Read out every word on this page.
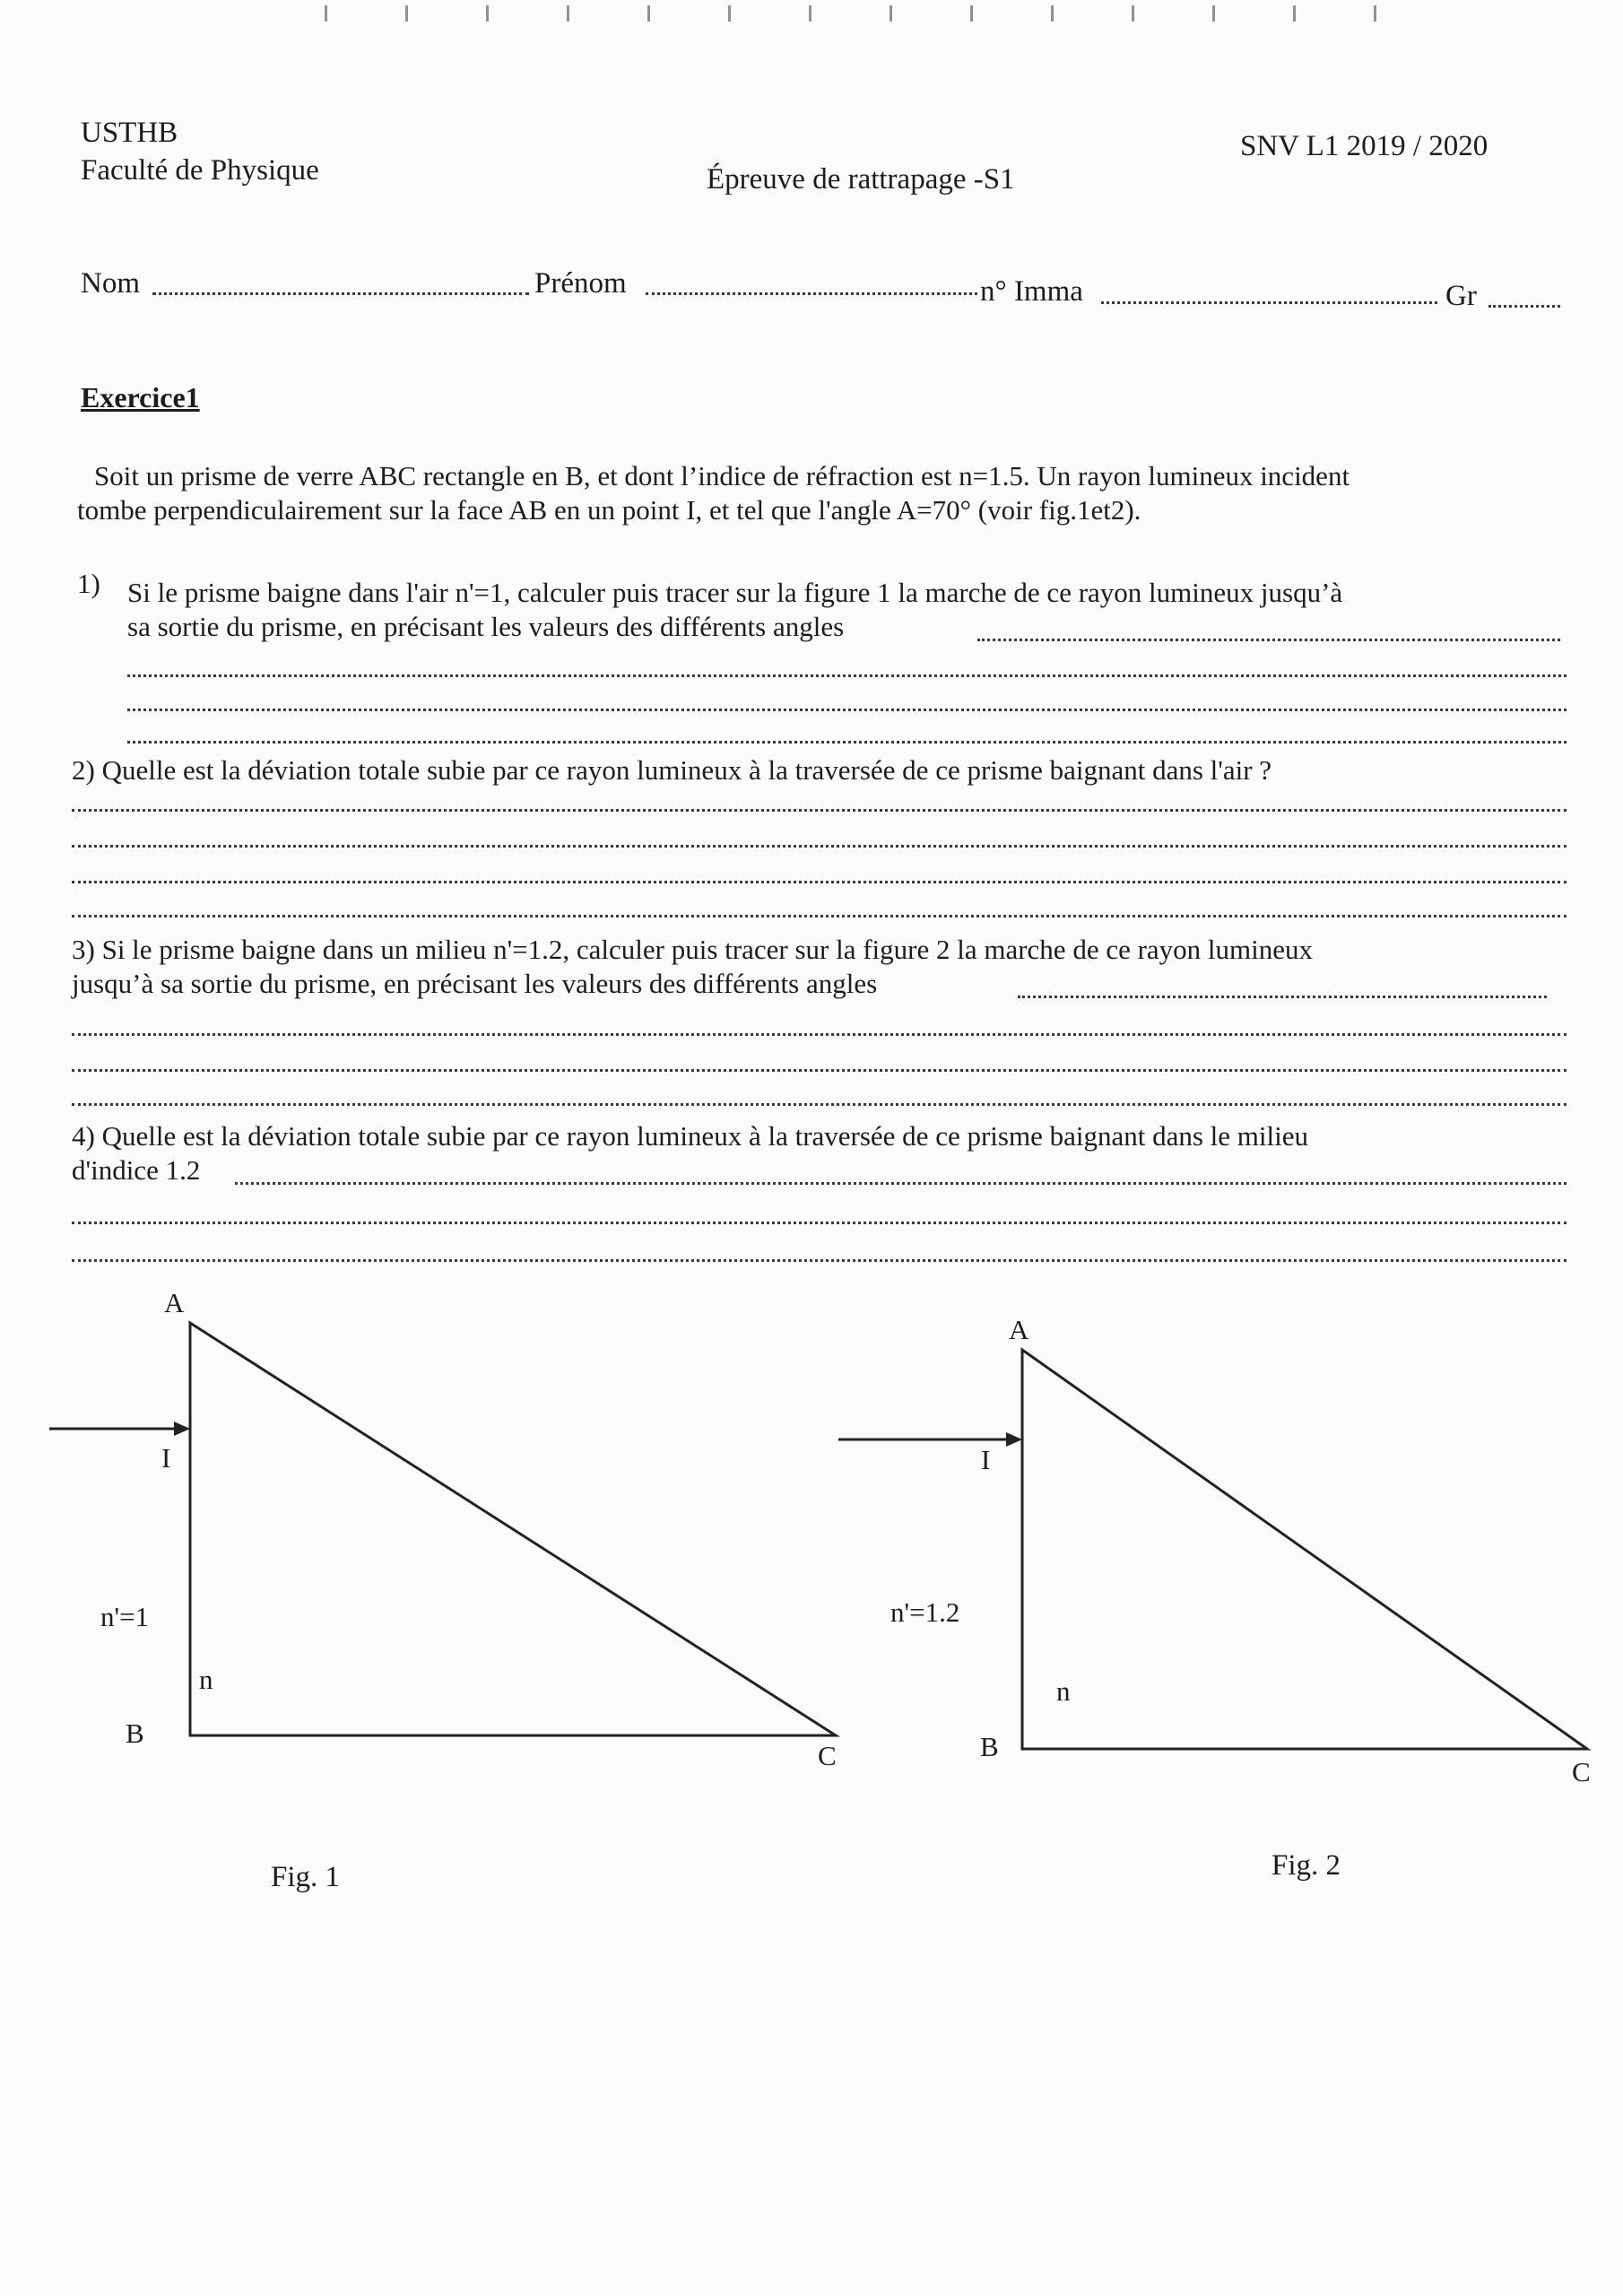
USTHB
Faculté de Physique	Épreuve de rattrapage -S1
SNV L1 2019 / 2020
Nom	Prénom	n° Imma	Gr
Exercice1
Soit un prisme de verre ABC rectangle en B, et dont l’indice de réfraction est n=1.5. Un rayon lumineux incident
tombe perpendiculairement sur la face AB en un point I, et tel que l'angle A=70° (voir fig.1et2).
1) Si le prisme baigne dans l'air n'=1, calculer puis tracer sur la figure 1 la marche de ce rayon lumineux jusqu’à
sa sortie du prisme, en précisant les valeurs des différents angles
2) Quelle est la déviation totale subie par ce rayon lumineux à la traversée de ce prisme baignant dans l'air ?
3) Si le prisme baigne dans un milieu n'=1.2, calculer puis tracer sur la figure 2 la marche de ce rayon lumineux
jusqu’à sa sortie du prisme, en précisant les valeurs des différents angles
4) Quelle est la déviation totale subie par ce rayon lumineux à la traversée de ce prisme baignant dans le milieu
d'indice 1.2
A
I
n'=1
n
B
C
Fig. 1
A
I
n'=1.2
n
B
C
Fig. 2
